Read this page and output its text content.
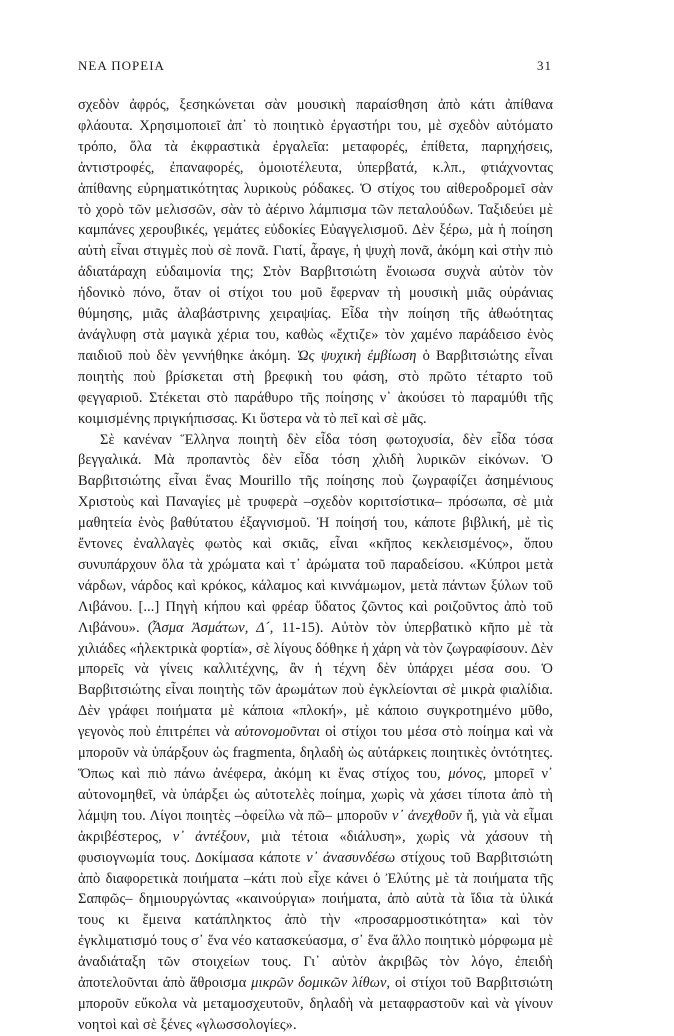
ΝΕΑ ΠΟΡΕΙΑ	31

σχεδὸν ἀφρός, ξεσηκώνεται σὰν μουσικὴ παραίσθηση ἀπὸ κάτι ἀπίθανα φλάουτα. Χρησιμοποιεῖ ἀπ᾽ τὸ ποιητικὸ ἐργαστήρι του, μὲ σχεδὸν αὐτόματο τρόπο, ὅλα τὰ ἐκφραστικὰ ἐργαλεῖα: μεταφορές, ἐπίθετα, παρηχήσεις, ἀντιστροφές, ἐπαναφορές, ὁμοιοτέλευτα, ὑπερβατά, κ.λπ., φτιάχνοντας ἀπίθανης εὐρηματικότητας λυρικοὺς ρόδακες. Ὁ στίχος του αἰθεροδρομεῖ σὰν τὸ χορὸ τῶν μελισσῶν, σὰν τὸ ἀέρινο λάμπισμα τῶν πεταλούδων. Ταξιδεύει μὲ καμπάνες χερουβικές, γεμάτες εὐδοκίες Εὐαγγελισμοῦ. Δὲν ξέρω, μὰ ἡ ποίηση αὐτὴ εἶναι στιγμὲς ποὺ σὲ πονᾶ. Γιατί, ἆραγε, ἡ ψυχὴ πονᾶ, ἀκόμη καὶ στὴν πιὸ ἀδιατάραχη εὐδαιμονία της; Στὸν Βαρβιτσιώτη ἔνοιωσα συχνὰ αὐτὸν τὸν ἡδονικὸ πόνο, ὅταν οἱ στίχοι του μοῦ ἔφερναν τὴ μουσικὴ μιᾶς οὐράνιας θύμησης, μιᾶς ἀλαβάστρινης χειραψίας. Εἶδα τὴν ποίηση τῆς ἀθωότητας ἀνάγλυφη στὰ μαγικὰ χέρια του, καθὼς «ἔχτιζε» τὸν χαμένο παράδεισο ἑνὸς παιδιοῦ ποὺ δὲν γεννήθηκε ἀκόμη. Ὡς ψυχικὴ ἐμβίωση ὁ Βαρβιτσιώτης εἶναι ποιητὴς ποὺ βρίσκεται στὴ βρεφικὴ του φάση, στὸ πρῶτο τέταρτο τοῦ φεγγαριοῦ. Στέκεται στὸ παράθυρο τῆς ποίησης ν᾽ ἀκούσει τὸ παραμύθι τῆς κοιμισμένης πριγκήπισσας. Κι ὕστερα νὰ τὸ πεῖ καὶ σὲ μᾶς.

Σὲ κανέναν Ἕλληνα ποιητὴ δὲν εἶδα τόση φωτοχυσία, δὲν εἶδα τόσα βεγγαλικά. Μὰ προπαντὸς δὲν εἶδα τόση χλιδὴ λυρικῶν εἰκόνων. Ὁ Βαρβιτσιώτης εἶναι ἕνας Mourillo τῆς ποίησης ποὺ ζωγραφίζει ἀσημένιους Χριστοὺς καὶ Παναγίες μὲ τρυφερὰ –σχεδὸν κοριτσίστικα– πρόσωπα, σὲ μιὰ μαθητεία ἑνὸς βαθύτατου ἐξαγνισμοῦ. Ἡ ποίησή του, κάποτε βιβλική, μὲ τὶς ἔντονες ἐναλλαγὲς φωτὸς καὶ σκιᾶς, εἶναι «κῆπος κεκλεισμένος», ὅπου συνυπάρχουν ὅλα τὰ χρώματα καὶ τ᾽ ἀρώματα τοῦ παραδείσου. «Κύπροι μετὰ νάρδων, νάρδος καὶ κρόκος, κάλαμος καὶ κιννάμωμον, μετὰ πάντων ξύλων τοῦ Λιβάνου. [...] Πηγὴ κήπου καὶ φρέαρ ὕδατος ζῶντος καὶ ροιζοῦντος ἀπὸ τοῦ Λιβάνου». (Ἆσμα Ἀσμάτων, Δ´, 11-15). Αὐτὸν τὸν ὑπερβατικὸ κῆπο μὲ τὰ χιλιάδες «ἠλεκτρικὰ φορτία», σὲ λίγους δόθηκε ἡ χάρη νὰ τὸν ζωγραφίσουν. Δὲν μπορεῖς νὰ γίνεις καλλιτέχνης, ἂν ἡ τέχνη δὲν ὑπάρχει μέσα σου. Ὁ Βαρβιτσιώτης εἶναι ποιητὴς τῶν ἀρωμάτων ποὺ ἐγκλείονται σὲ μικρὰ φιαλίδια. Δὲν γράφει ποιήματα μὲ κάποια «πλοκή», μὲ κάποιο συγκροτημένο μῦθο, γεγονὸς ποὺ ἐπιτρέπει νὰ αὐτονομοῦνται οἱ στίχοι του μέσα στὸ ποίημα καὶ νὰ μποροῦν νὰ ὑπάρξουν ὡς fragmenta, δηλαδὴ ὡς αὐτάρκεις ποιητικὲς ὀντότητες. Ὅπως καὶ πιὸ πάνω ἀνέφερα, ἀκόμη κι ἕνας στίχος του, μόνος, μπορεῖ ν᾽ αὐτονομηθεῖ, νὰ ὑπάρξει ὡς αὐτοτελὲς ποίημα, χωρὶς νὰ χάσει τίποτα ἀπὸ τὴ λάμψη του. Λίγοι ποιητὲς –ὀφείλω νὰ πῶ– μποροῦν ν᾽ ἀνεχθοῦν ἤ, γιὰ νὰ εἶμαι ἀκριβέστερος, ν᾽ ἀντέξουν, μιὰ τέτοια «διάλυση», χωρὶς νὰ χάσουν τὴ φυσιογνωμία τους. Δοκίμασα κάποτε ν᾽ ἀνασυνδέσω στίχους τοῦ Βαρβιτσιώτη ἀπὸ διαφορετικὰ ποιήματα –κάτι ποὺ εἶχε κάνει ὁ Ἐλύτης μὲ τὰ ποιήματα τῆς Σαπφῶς– δημιουργώντας «καινούργια» ποιήματα, ἀπὸ αὐτὰ τὰ ἴδια τὰ ὑλικά τους κι ἔμεινα κατάπληκτος ἀπὸ τὴν «προσαρμοστικότητα» καὶ τὸν ἐγκλιματισμό τους σ᾽ ἕνα νέο κατασκεύασμα, σ᾽ ἕνα ἄλλο ποιητικὸ μόρφωμα μὲ ἀναδιάταξη τῶν στοιχείων τους. Γι᾽ αὐτὸν ἀκριβῶς τὸν λόγο, ἐπειδὴ ἀποτελοῦνται ἀπὸ ἄθροισμα μικρῶν δομικῶν λίθων, οἱ στίχοι τοῦ Βαρβιτσιώτη μποροῦν εὔκολα νὰ μεταμοσχευτοῦν, δηλαδὴ νὰ μεταφραστοῦν καὶ νὰ γίνουν νοητοὶ καὶ σὲ ξένες «γλωσσολογίες».
